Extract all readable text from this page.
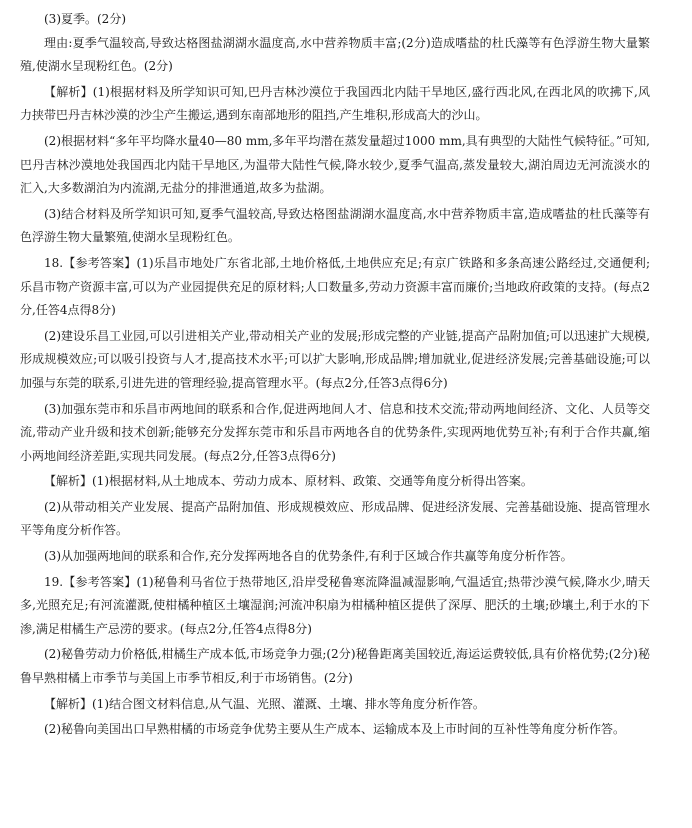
(3)夏季。(2分)

理由:夏季气温较高,导致达格图盐湖湖水温度高,水中营养物质丰富;(2分)造成嗜盐的杜氏藻等有色浮游生物大量繁殖,使湖水呈现粉红色。(2分)

【解析】(1)根据材料及所学知识可知,巴丹吉林沙漠位于我国西北内陆干旱地区,盛行西北风,在西北风的吹拂下,风力挟带巴丹吉林沙漠的沙尘产生搬运,遇到东南部地形的阻挡,产生堆积,形成高大的沙山。

(2)根据材料“多年平均降水量40—80 mm,多年平均潜在蒸发量超过1000 mm,具有典型的大陆性气候特征。”可知,巴丹吉林沙漠地处我国西北内陆干旱地区,为温带大陆性气候,降水较少,夏季气温高,蒸发量较大,湖泊周边无河流淡水的汇入,大多数湖泊为内流湖,无盐分的排泄通道,故多为盐湖。

(3)结合材料及所学知识可知,夏季气温较高,导致达格图盐湖湖水温度高,水中营养物质丰富,造成嗜盐的杜氏藻等有色浮游生物大量繁殖,使湖水呈现粉红色。

18.【参考答案】(1)乐昌市地处广东省北部,土地价格低,土地供应充足;有京广铁路和多条高速公路经过,交通便利;乐昌市物产资源丰富,可以为产业园提供充足的原材料;人口数量多,劳动力资源丰富而廉价;当地政府政策的支持。(每点2分,任答4点得8分)

(2)建设乐昌工业园,可以引进相关产业,带动相关产业的发展;形成完整的产业链,提高产品附加值;可以迅速扩大规模,形成规模效应;可以吸引投资与人才,提高技术水平;可以扩大影响,形成品牌;增加就业,促进经济发展;完善基础设施;可以加强与东莞的联系,引进先进的管理经验,提高管理水平。(每点2分,任答3点得6分)

(3)加强东莞市和乐昌市两地间的联系和合作,促进两地间人才、信息和技术交流;带动两地间经济、文化、人员等交流,带动产业升级和技术创新;能够充分发挥东莞市和乐昌市两地各自的优势条件,实现两地优势互补;有利于合作共赢,缩小两地间经济差距,实现共同发展。(每点2分,任答3点得6分)

【解析】(1)根据材料,从土地成本、劳动力成本、原材料、政策、交通等角度分析得出答案。

(2)从带动相关产业发展、提高产品附加值、形成规模效应、形成品牌、促进经济发展、完善基础设施、提高管理水平等角度分析作答。

(3)从加强两地间的联系和合作,充分发挥两地各自的优势条件,有利于区域合作共赢等角度分析作答。

19.【参考答案】(1)秘鲁利马省位于热带地区,沿岸受秘鲁寒流降温减湿影响,气温适宜;热带沙漠气候,降水少,晴天多,光照充足;有河流灌溉,使柑橘种植区土壤湿润;河流冲积扇为柑橘种植区提供了深厚、肥沃的土壤;砂壤土,利于水的下渗,满足柑橘生产忌涝的要求。(每点2分,任答4点得8分)

(2)秘鲁劳动力价格低,柑橘生产成本低,市场竞争力强;(2分)秘鲁距离美国较近,海运运费较低,具有价格优势;(2分)秘鲁早熟柑橘上市季节与美国上市季节相反,利于市场销售。(2分)

【解析】(1)结合图文材料信息,从气温、光照、灌溉、土壤、排水等角度分析作答。

(2)秘鲁向美国出口早熟柑橘的市场竞争优势主要从生产成本、运输成本及上市时间的互补性等角度分析作答。
